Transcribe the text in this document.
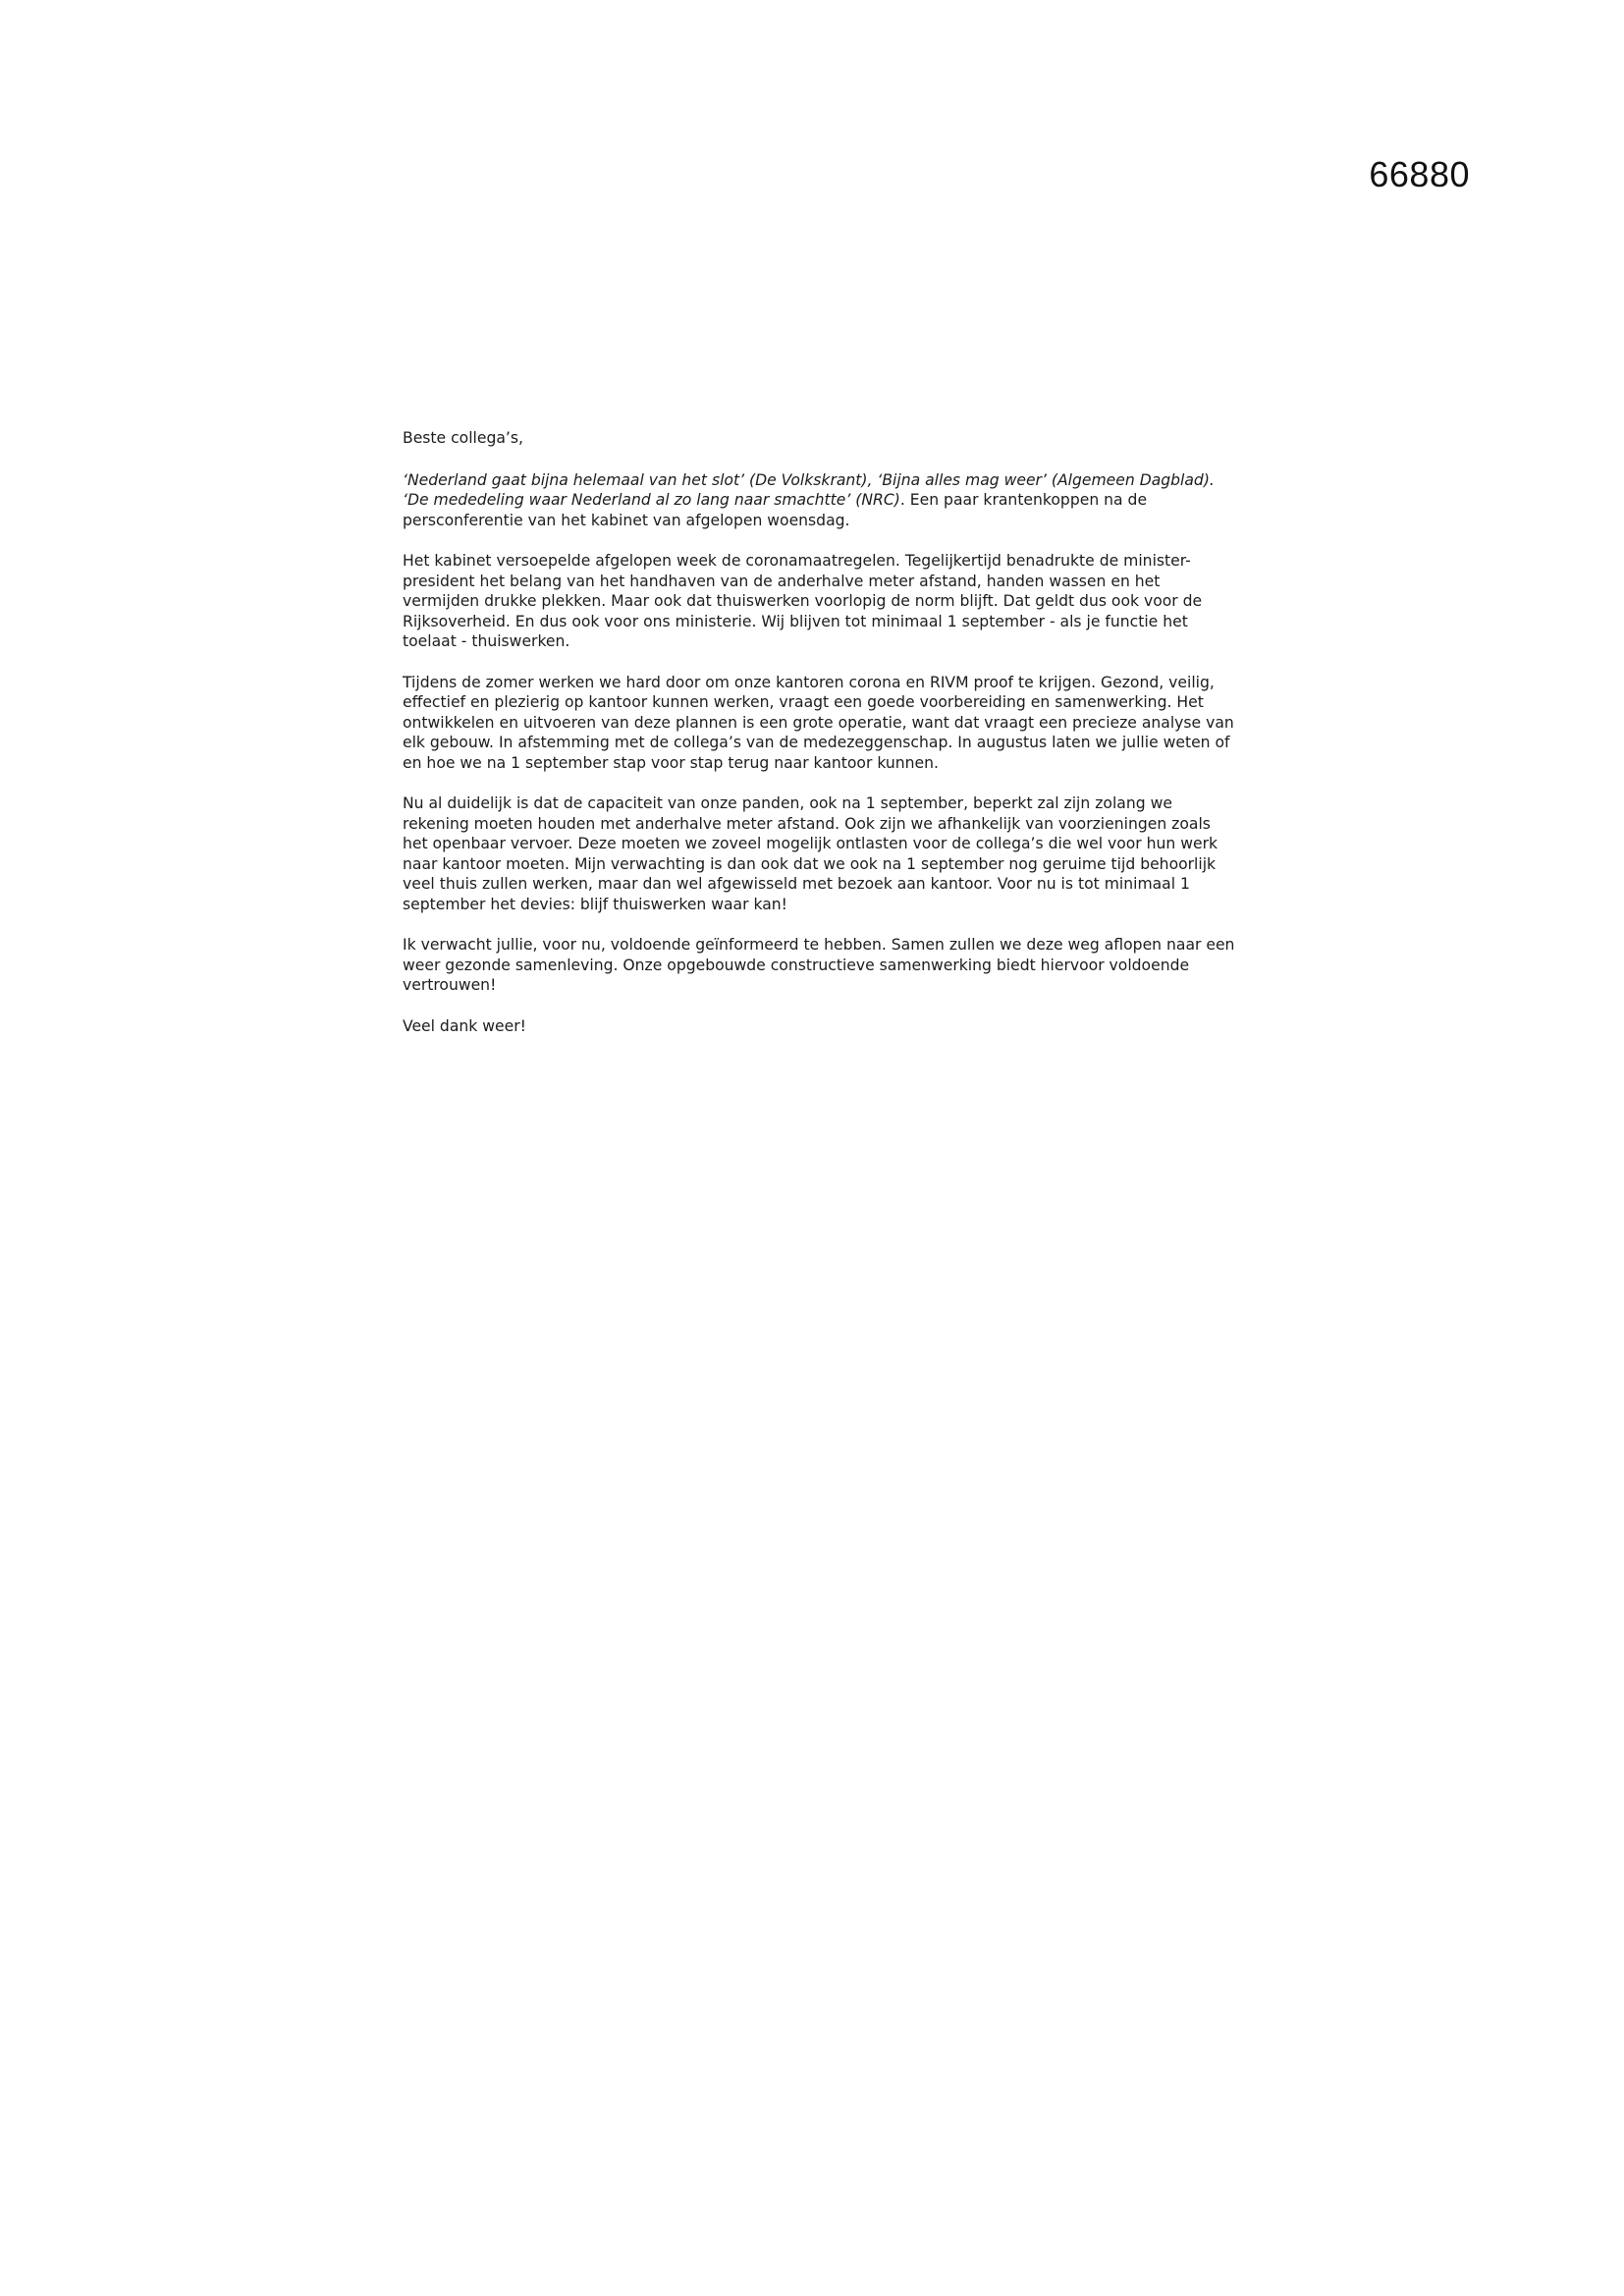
66880

Beste collega’s,

‘Nederland gaat bijna helemaal van het slot’ (De Volkskrant), ‘Bijna alles mag weer’ (Algemeen Dagblad). ‘De mededeling waar Nederland al zo lang naar smachtte’ (NRC). Een paar krantenkoppen na de persconferentie van het kabinet van afgelopen woensdag.

Het kabinet versoepelde afgelopen week de coronamaatregelen. Tegelijkertijd benadrukte de minister-president het belang van het handhaven van de anderhalve meter afstand, handen wassen en het vermijden drukke plekken. Maar ook dat thuiswerken voorlopig de norm blijft. Dat geldt dus ook voor de Rijksoverheid. En dus ook voor ons ministerie. Wij blijven tot minimaal 1 september - als je functie het toelaat - thuiswerken.

Tijdens de zomer werken we hard door om onze kantoren corona en RIVM proof te krijgen. Gezond, veilig, effectief en plezierig op kantoor kunnen werken, vraagt een goede voorbereiding en samenwerking. Het ontwikkelen en uitvoeren van deze plannen is een grote operatie, want dat vraagt een precieze analyse van elk gebouw. In afstemming met de collega’s van de medezeggenschap. In augustus laten we jullie weten of en hoe we na 1 september stap voor stap terug naar kantoor kunnen.

Nu al duidelijk is dat de capaciteit van onze panden, ook na 1 september, beperkt zal zijn zolang we rekening moeten houden met anderhalve meter afstand. Ook zijn we afhankelijk van voorzieningen zoals het openbaar vervoer. Deze moeten we zoveel mogelijk ontlasten voor de collega’s die wel voor hun werk naar kantoor moeten. Mijn verwachting is dan ook dat we ook na 1 september nog geruime tijd behoorlijk veel thuis zullen werken, maar dan wel afgewisseld met bezoek aan kantoor. Voor nu is tot minimaal 1 september het devies: blijf thuiswerken waar kan!

Ik verwacht jullie, voor nu, voldoende geïnformeerd te hebben. Samen zullen we deze weg aflopen naar een weer gezonde samenleving. Onze opgebouwde constructieve samenwerking biedt hiervoor voldoende vertrouwen!

Veel dank weer!
